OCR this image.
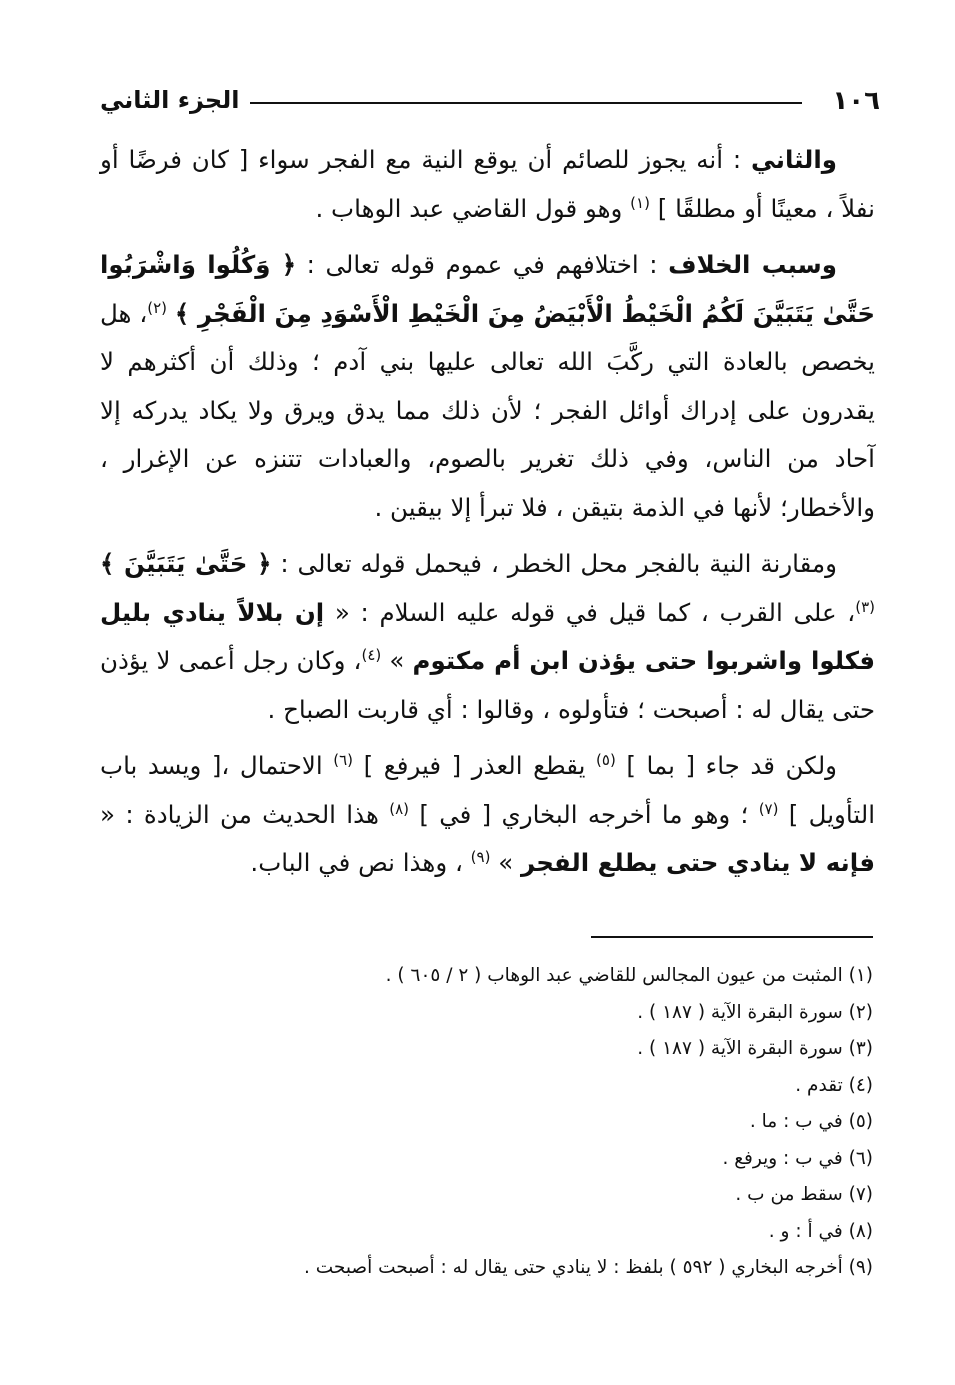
١٠٦
الجزء الثاني

والثاني : أنه يجوز للصائم أن يوقع النية مع الفجر سواء [ كان فرضًا أو نفلاً ، معينًا أو مطلقًا ] $^{(١)}$ وهو قول القاضي عبد الوهاب .

وسبب الخلاف : اختلافهم في عموم قوله تعالى : ﴿ وَكُلُوا وَاشْرَبُوا حَتَّىٰ يَتَبَيَّنَ لَكُمُ الْخَيْطُ الْأَبْيَضُ مِنَ الْخَيْطِ الْأَسْوَدِ مِنَ الْفَجْرِ ﴾ $^{(٢)}$، هل يخصص بالعادة التي ركَّبَ الله تعالى عليها بني آدم ؛ وذلك أن أكثرهم لا يقدرون على إدراك أوائل الفجر ؛ لأن ذلك مما يدق ويرق ولا يكاد يدركه إلا آحاد من الناس، وفي ذلك تغرير بالصوم، والعبادات تتنزه عن الإغرار ، والأخطار؛ لأنها في الذمة بتيقن ، فلا تبرأ إلا بيقين .

ومقارنة النية بالفجر محل الخطر ، فيحمل قوله تعالى : ﴿ حَتَّىٰ يَتَبَيَّنَ ﴾$^{(٣)}$، على القرب ، كما قيل في قوله عليه السلام : « إن بلالاً ينادي بليل فكلوا واشربوا حتى يؤذن ابن أم مكتوم » $^{(٤)}$، وكان رجل أعمى لا يؤذن حتى يقال له : أصبحت ؛ فتأولوه ، وقالوا : أي قاربت الصباح .

ولكن قد جاء [ بما ] $^{(٥)}$ يقطع العذر [ فيرفع ] $^{(٦)}$ الاحتمال ،[ ويسد باب التأويل ] $^{(٧)}$ ؛ وهو ما أخرجه البخاري [ في ] $^{(٨)}$ هذا الحديث من الزيادة : « فإنه لا ينادي حتى يطلع الفجر » $^{(٩)}$ ، وهذا نص في الباب.

(١) المثبت من عيون المجالس للقاضي عبد الوهاب ( ٢ / ٦٠٥ ) .
(٢) سورة البقرة الآية ( ١٨٧ ) .
(٣) سورة البقرة الآية ( ١٨٧ ) .
(٤) تقدم .
(٥) في ب : ما .
(٦) في ب : ويرفع .
(٧) سقط من ب .
(٨) في أ : و .
(٩) أخرجه البخاري ( ٥٩٢ ) بلفظ : لا ينادي حتى يقال له : أصبحت أصبحت .
